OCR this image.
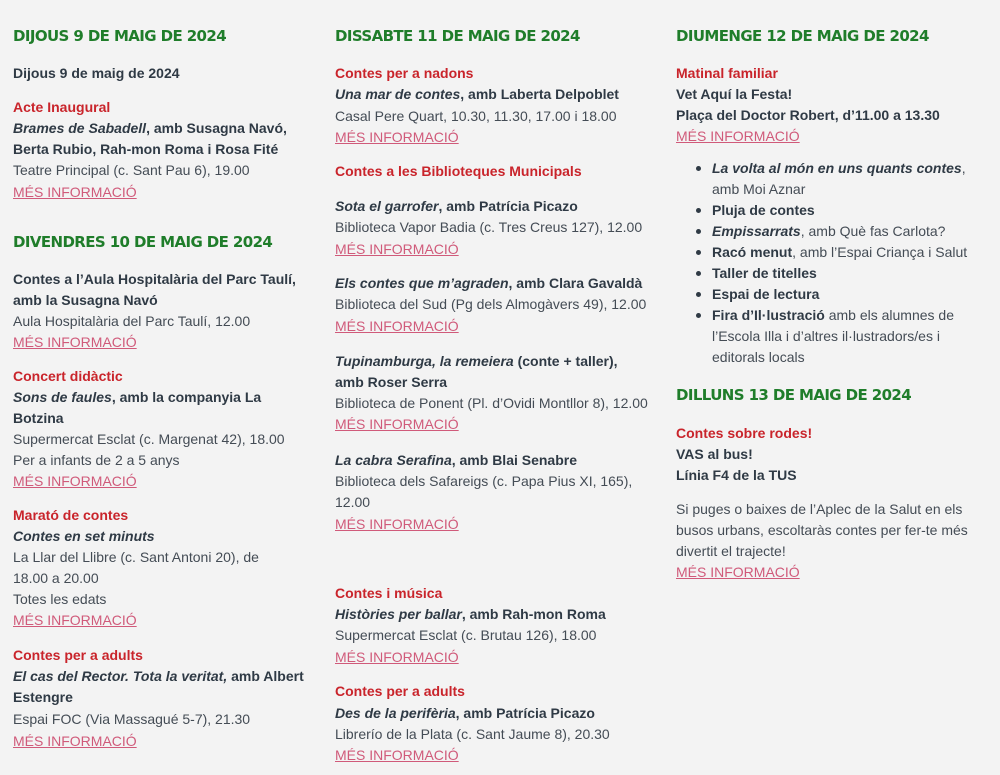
DIJOUS 9 DE MAIG DE 2024
Dijous 9 de maig de 2024
Acte Inaugural
Brames de Sabadell, amb Susagna Navó,
Berta Rubio, Rah-mon Roma i Rosa Fité
Teatre Principal (c. Sant Pau 6), 19.00
MÉS INFORMACIÓ
DIVENDRES 10 DE MAIG DE 2024
Contes a l’Aula Hospitalària del Parc Taulí,
amb la Susagna Navó
Aula Hospitalària del Parc Taulí, 12.00
MÉS INFORMACIÓ
Concert didàctic
Sons de faules, amb la companyia La
Botzina
Supermercat Esclat (c. Margenat 42), 18.00
Per a infants de 2 a 5 anys
MÉS INFORMACIÓ
Marató de contes
Contes en set minuts
La Llar del Llibre (c. Sant Antoni 20), de
18.00 a 20.00
Totes les edats
MÉS INFORMACIÓ
Contes per a adults
El cas del Rector. Tota la veritat, amb Albert
Estengre
Espai FOC (Via Massagué 5-7), 21.30
MÉS INFORMACIÓ
DISSABTE 11 DE MAIG DE 2024
Contes per a nadons
Una mar de contes, amb Laberta Delpoblet
Casal Pere Quart, 10.30, 11.30, 17.00 i 18.00
MÉS INFORMACIÓ
Contes a les Biblioteques Municipals
Sota el garrofer, amb Patrícia Picazo
Biblioteca Vapor Badia (c. Tres Creus 127), 12.00
MÉS INFORMACIÓ
Els contes que m’agraden, amb Clara Gavaldà
Biblioteca del Sud (Pg dels Almogàvers 49), 12.00
MÉS INFORMACIÓ
Tupinamburga, la remeiera (conte + taller),
amb Roser Serra
Biblioteca de Ponent (Pl. d’Ovidi Montllor 8), 12.00
MÉS INFORMACIÓ
La cabra Serafina, amb Blai Senabre
Biblioteca dels Safareigs (c. Papa Pius XI, 165),
12.00
MÉS INFORMACIÓ
Contes i música
Històries per ballar, amb Rah-mon Roma
Supermercat Esclat (c. Brutau 126), 18.00
MÉS INFORMACIÓ
Contes per a adults
Des de la perifèria, amb Patrícia Picazo
Librerío de la Plata (c. Sant Jaume 8), 20.30
MÉS INFORMACIÓ
DIUMENGE 12 DE MAIG DE 2024
Matinal familiar
Vet Aquí la Festa!
Plaça del Doctor Robert, d’11.00 a 13.30
MÉS INFORMACIÓ
La volta al món en uns quants contes,
amb Moi Aznar
Pluja de contes
Empissarrats, amb Què fas Carlota?
Racó menut, amb l’Espai Criança i Salut
Taller de titelles
Espai de lectura
Fira d’Il·lustració amb els alumnes de
l’Escola Illa i d’altres il·lustradors/es i
editorals locals
DILLUNS 13 DE MAIG DE 2024
Contes sobre rodes!
VAS al bus!
Línia F4 de la TUS
Si puges o baixes de l’Aplec de la Salut en els busos urbans, escoltaràs contes per fer-te més divertit el trajecte!
MÉS INFORMACIÓ
